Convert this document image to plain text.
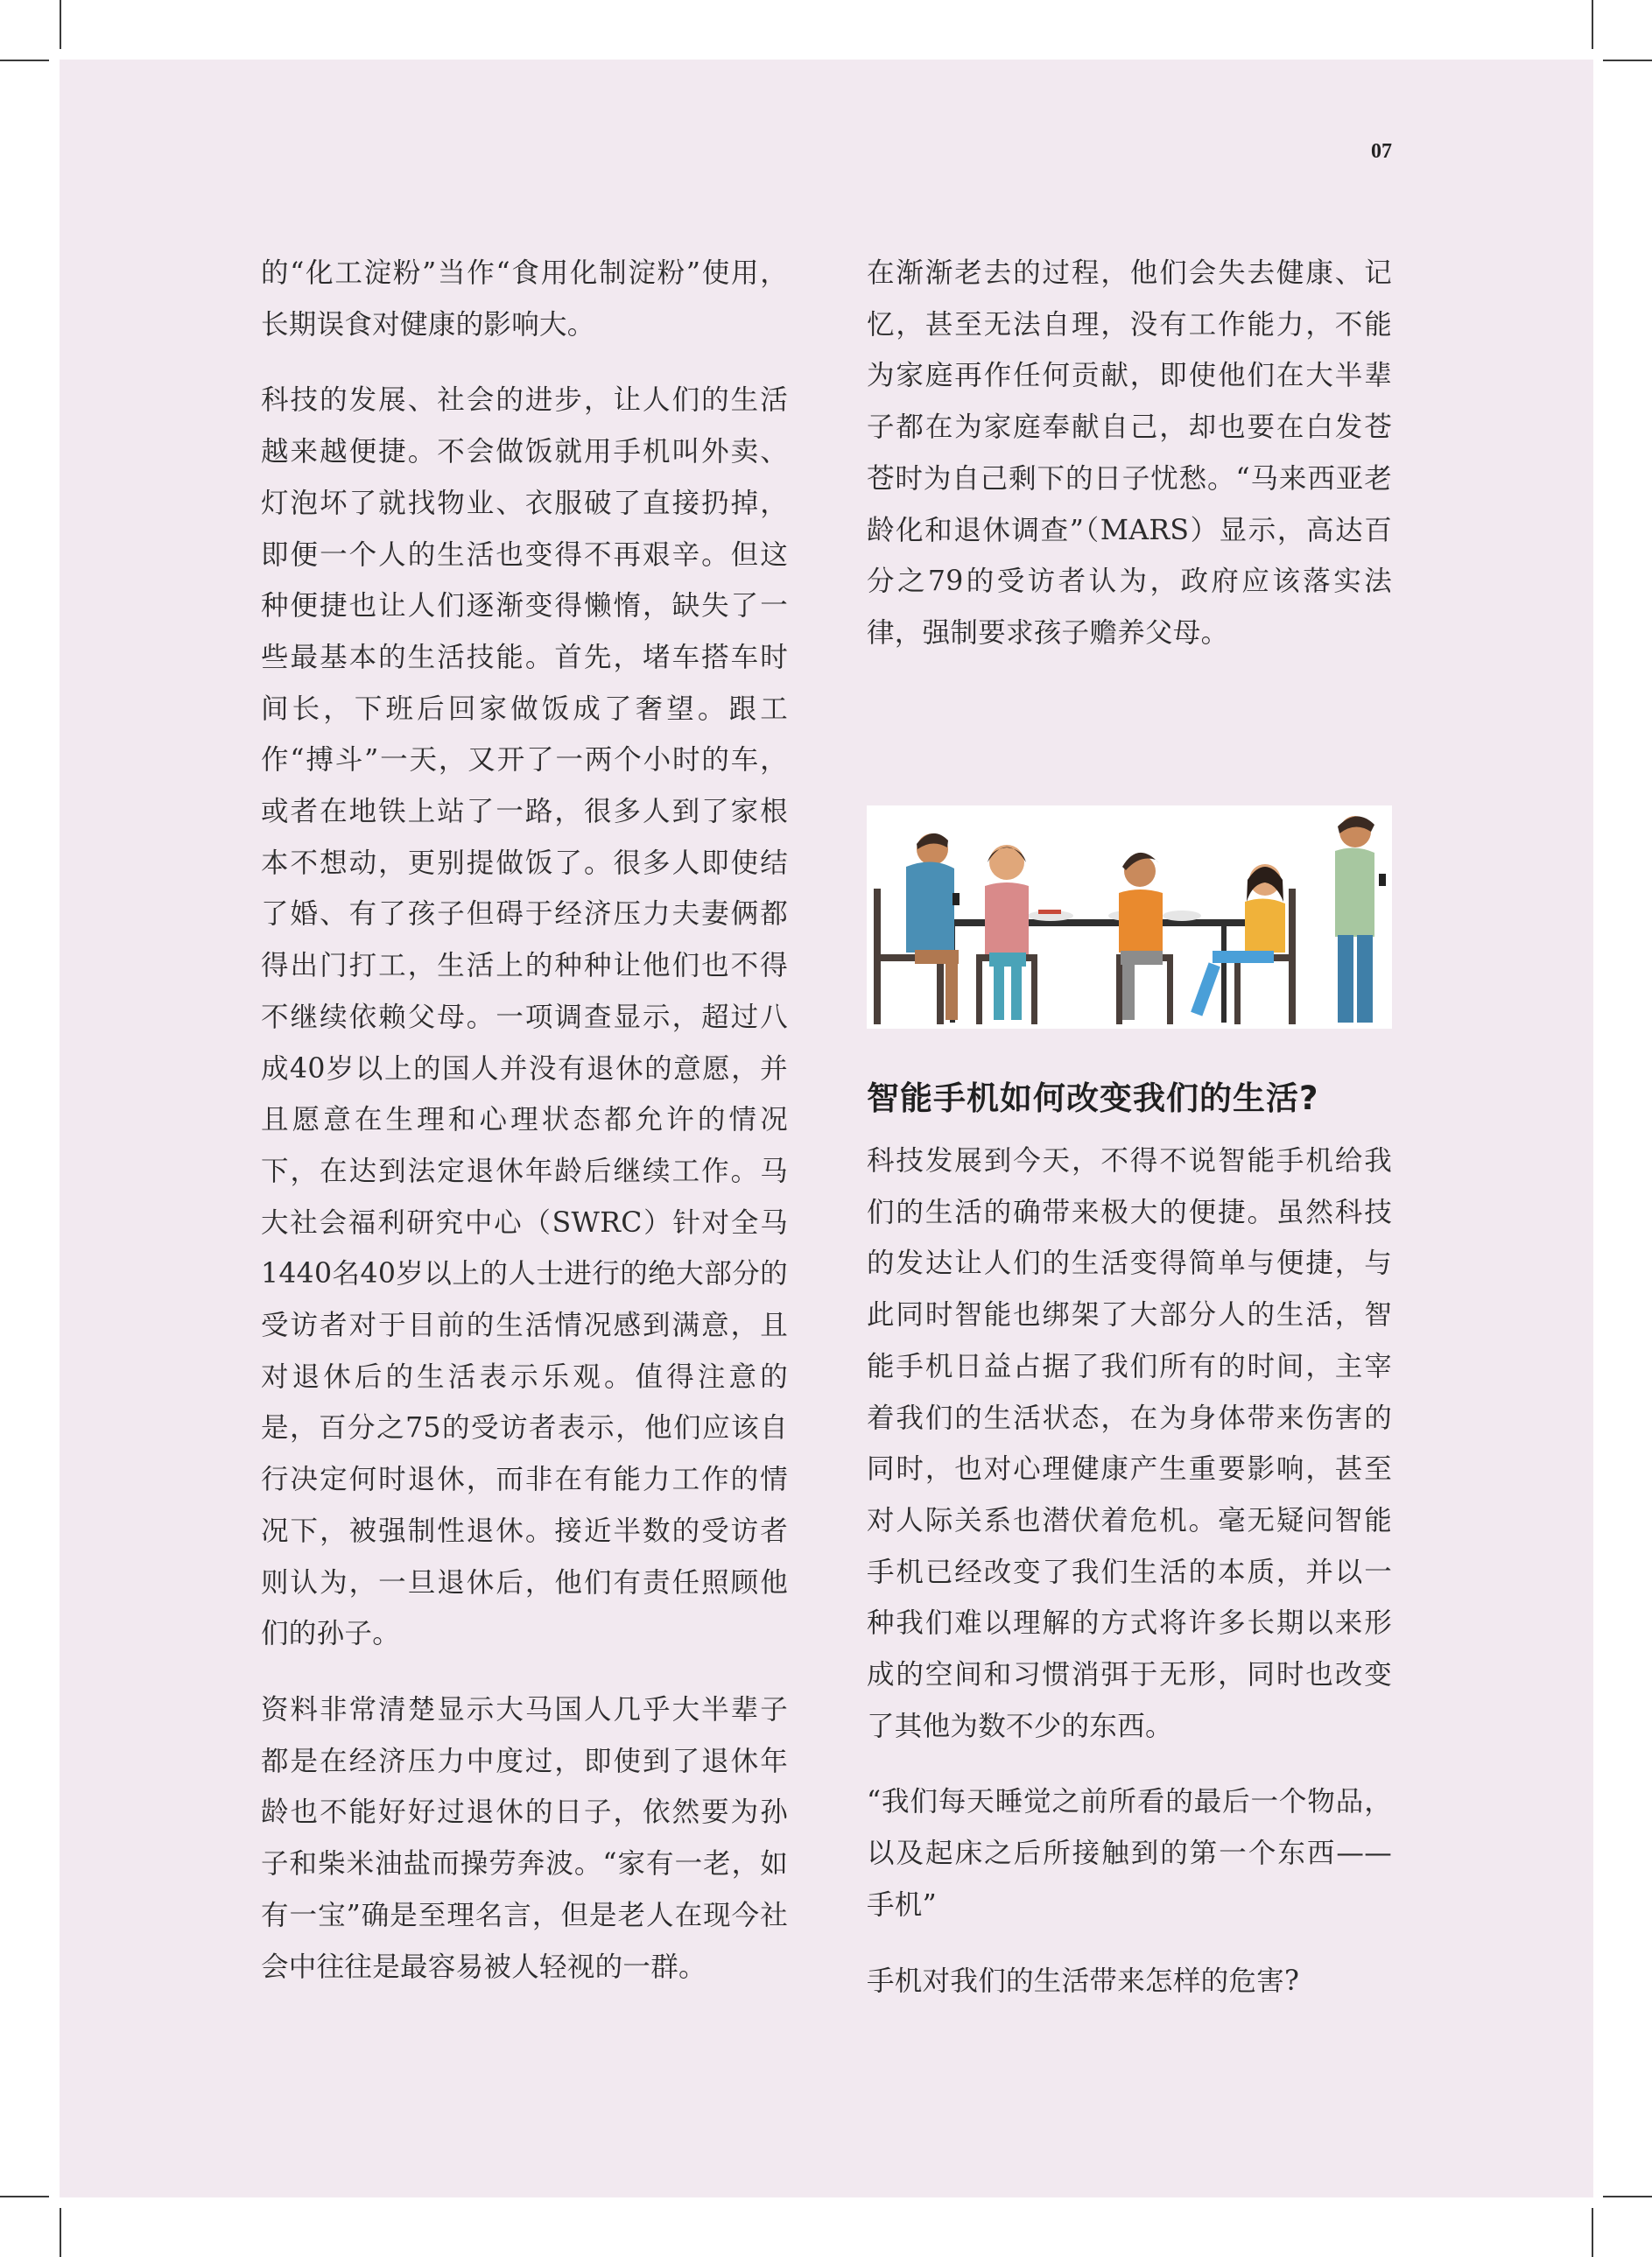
07

的“化工淀粉”当作“食用化制淀粉”使用，长期误食对健康的影响大。

科技的发展、社会的进步，让人们的生活越来越便捷。不会做饭就用手机叫外卖、灯泡坏了就找物业、衣服破了直接扔掉，即便一个人的生活也变得不再艰辛。但这种便捷也让人们逐渐变得懒惰，缺失了一些最基本的生活技能。首先，堵车搭车时间长，下班后回家做饭成了奢望。跟工作“搏斗”一天，又开了一两个小时的车，或者在地铁上站了一路，很多人到了家根本不想动，更别提做饭了。很多人即使结了婚、有了孩子但碍于经济压力夫妻俩都得出门打工，生活上的种种让他们也不得不继续依赖父母。一项调查显示，超过八成40岁以上的国人并没有退休的意愿，并且愿意在生理和心理状态都允许的情况下，在达到法定退休年龄后继续工作。马大社会福利研究中心（SWRC）针对全马1440名40岁以上的人士进行的绝大部分的受访者对于目前的生活情况感到满意，且对退休后的生活表示乐观。值得注意的是，百分之75的受访者表示，他们应该自行决定何时退休，而非在有能力工作的情况下，被强制性退休。接近半数的受访者则认为，一旦退休后，他们有责任照顾他们的孙子。

资料非常清楚显示大马国人几乎大半辈子都是在经济压力中度过，即使到了退休年龄也不能好好过退休的日子，依然要为孙子和柴米油盐而操劳奔波。“家有一老，如有一宝”确是至理名言，但是老人在现今社会中往往是最容易被人轻视的一群。

在渐渐老去的过程，他们会失去健康、记忆，甚至无法自理，没有工作能力，不能为家庭再作任何贡献，即使他们在大半辈子都在为家庭奉献自己，却也要在白发苍苍时为自己剩下的日子忧愁。“马来西亚老龄化和退休调查”（MARS）显示，高达百分之79的受访者认为，政府应该落实法律，强制要求孩子赡养父母。

智能手机如何改变我们的生活?

科技发展到今天，不得不说智能手机给我们的生活的确带来极大的便捷。虽然科技的发达让人们的生活变得简单与便捷，与此同时智能也绑架了大部分人的生活，智能手机日益占据了我们所有的时间，主宰着我们的生活状态，在为身体带来伤害的同时，也对心理健康产生重要影响，甚至对人际关系也潜伏着危机。毫无疑问智能手机已经改变了我们生活的本质，并以一种我们难以理解的方式将许多长期以来形成的空间和习惯消弭于无形，同时也改变了其他为数不少的东西。

“我们每天睡觉之前所看的最后一个物品，以及起床之后所接触到的第一个东西——手机”

手机对我们的生活带来怎样的危害?
